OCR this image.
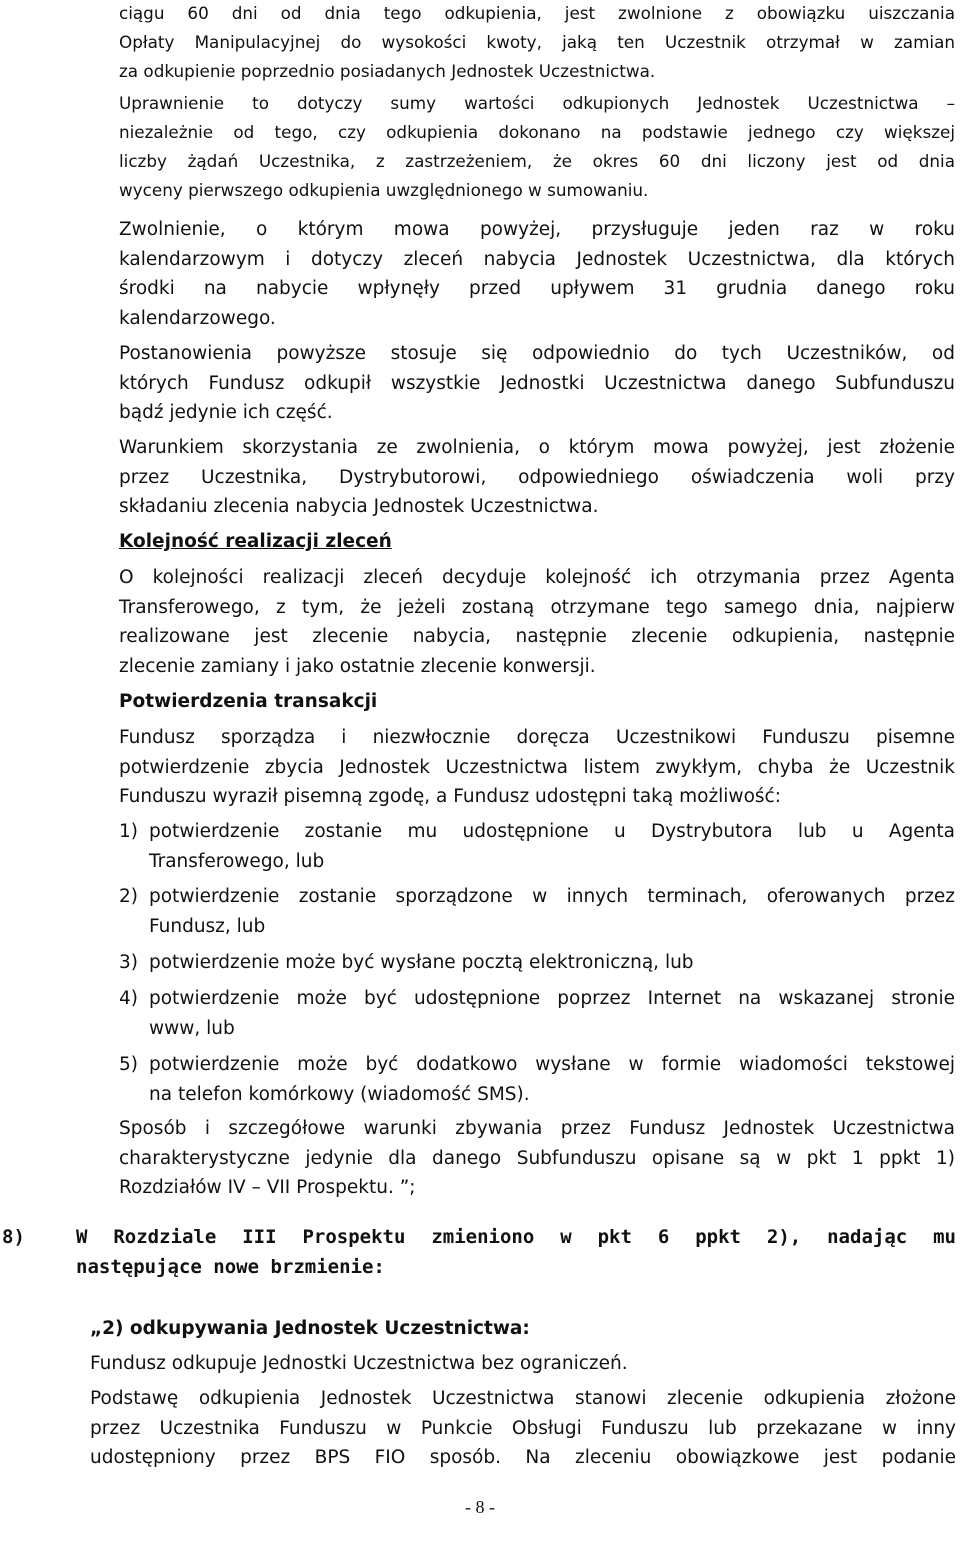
ciągu 60 dni od dnia tego odkupienia, jest zwolnione z obowiązku uiszczania
Opłaty Manipulacyjnej do wysokości kwoty, jaką ten Uczestnik otrzymał w zamian
za odkupienie poprzednio posiadanych Jednostek Uczestnictwa.
Uprawnienie to dotyczy sumy wartości odkupionych Jednostek Uczestnictwa –
niezależnie od tego, czy odkupienia dokonano na podstawie jednego czy większej
liczby żądań Uczestnika, z zastrzeżeniem, że okres 60 dni liczony jest od dnia
wyceny pierwszego odkupienia uwzględnionego w sumowaniu.
Zwolnienie, o którym mowa powyżej, przysługuje jeden raz w roku
kalendarzowym i dotyczy zleceń nabycia Jednostek Uczestnictwa, dla których
środki na nabycie wpłynęły przed upływem 31 grudnia danego roku
kalendarzowego.
Postanowienia powyższe stosuje się odpowiednio do tych Uczestników, od
których Fundusz odkupił wszystkie Jednostki Uczestnictwa danego Subfunduszu
bądź jedynie ich część.
Warunkiem skorzystania ze zwolnienia, o którym mowa powyżej, jest złożenie
przez Uczestnika, Dystrybutorowi, odpowiedniego oświadczenia woli przy
składaniu zlecenia nabycia Jednostek Uczestnictwa.
Kolejność realizacji zleceń
O kolejności realizacji zleceń decyduje kolejność ich otrzymania przez Agenta
Transferowego, z tym, że jeżeli zostaną otrzymane tego samego dnia, najpierw
realizowane jest zlecenie nabycia, następnie zlecenie odkupienia, następnie
zlecenie zamiany i jako ostatnie zlecenie konwersji.
Potwierdzenia transakcji
Fundusz sporządza i niezwłocznie doręcza Uczestnikowi Funduszu pisemne
potwierdzenie zbycia Jednostek Uczestnictwa listem zwykłym, chyba że Uczestnik
Funduszu wyraził pisemną zgodę, a Fundusz udostępni taką możliwość:
1) potwierdzenie zostanie mu udostępnione u Dystrybutora lub u Agenta
Transferowego, lub
2) potwierdzenie zostanie sporządzone w innych terminach, oferowanych przez
Fundusz, lub
3) potwierdzenie może być wysłane pocztą elektroniczną, lub
4) potwierdzenie może być udostępnione poprzez Internet na wskazanej stronie
www, lub
5) potwierdzenie może być dodatkowo wysłane w formie wiadomości tekstowej
na telefon komórkowy (wiadomość SMS).
Sposób i szczegółowe warunki zbywania przez Fundusz Jednostek Uczestnictwa
charakterystyczne jedynie dla danego Subfunduszu opisane są w pkt 1 ppkt 1)
Rozdziałów IV – VII Prospektu. ”;
8)	W Rozdziale III Prospektu zmieniono w pkt 6 ppkt 2), nadając mu
następujące nowe brzmienie:
„2) odkupywania Jednostek Uczestnictwa:
Fundusz odkupuje Jednostki Uczestnictwa bez ograniczeń.
Podstawę odkupienia Jednostek Uczestnictwa stanowi zlecenie odkupienia złożone
przez Uczestnika Funduszu w Punkcie Obsługi Funduszu lub przekazane w inny
udostępniony przez BPS FIO sposób. Na zleceniu obowiązkowe jest podanie
- 8 -
